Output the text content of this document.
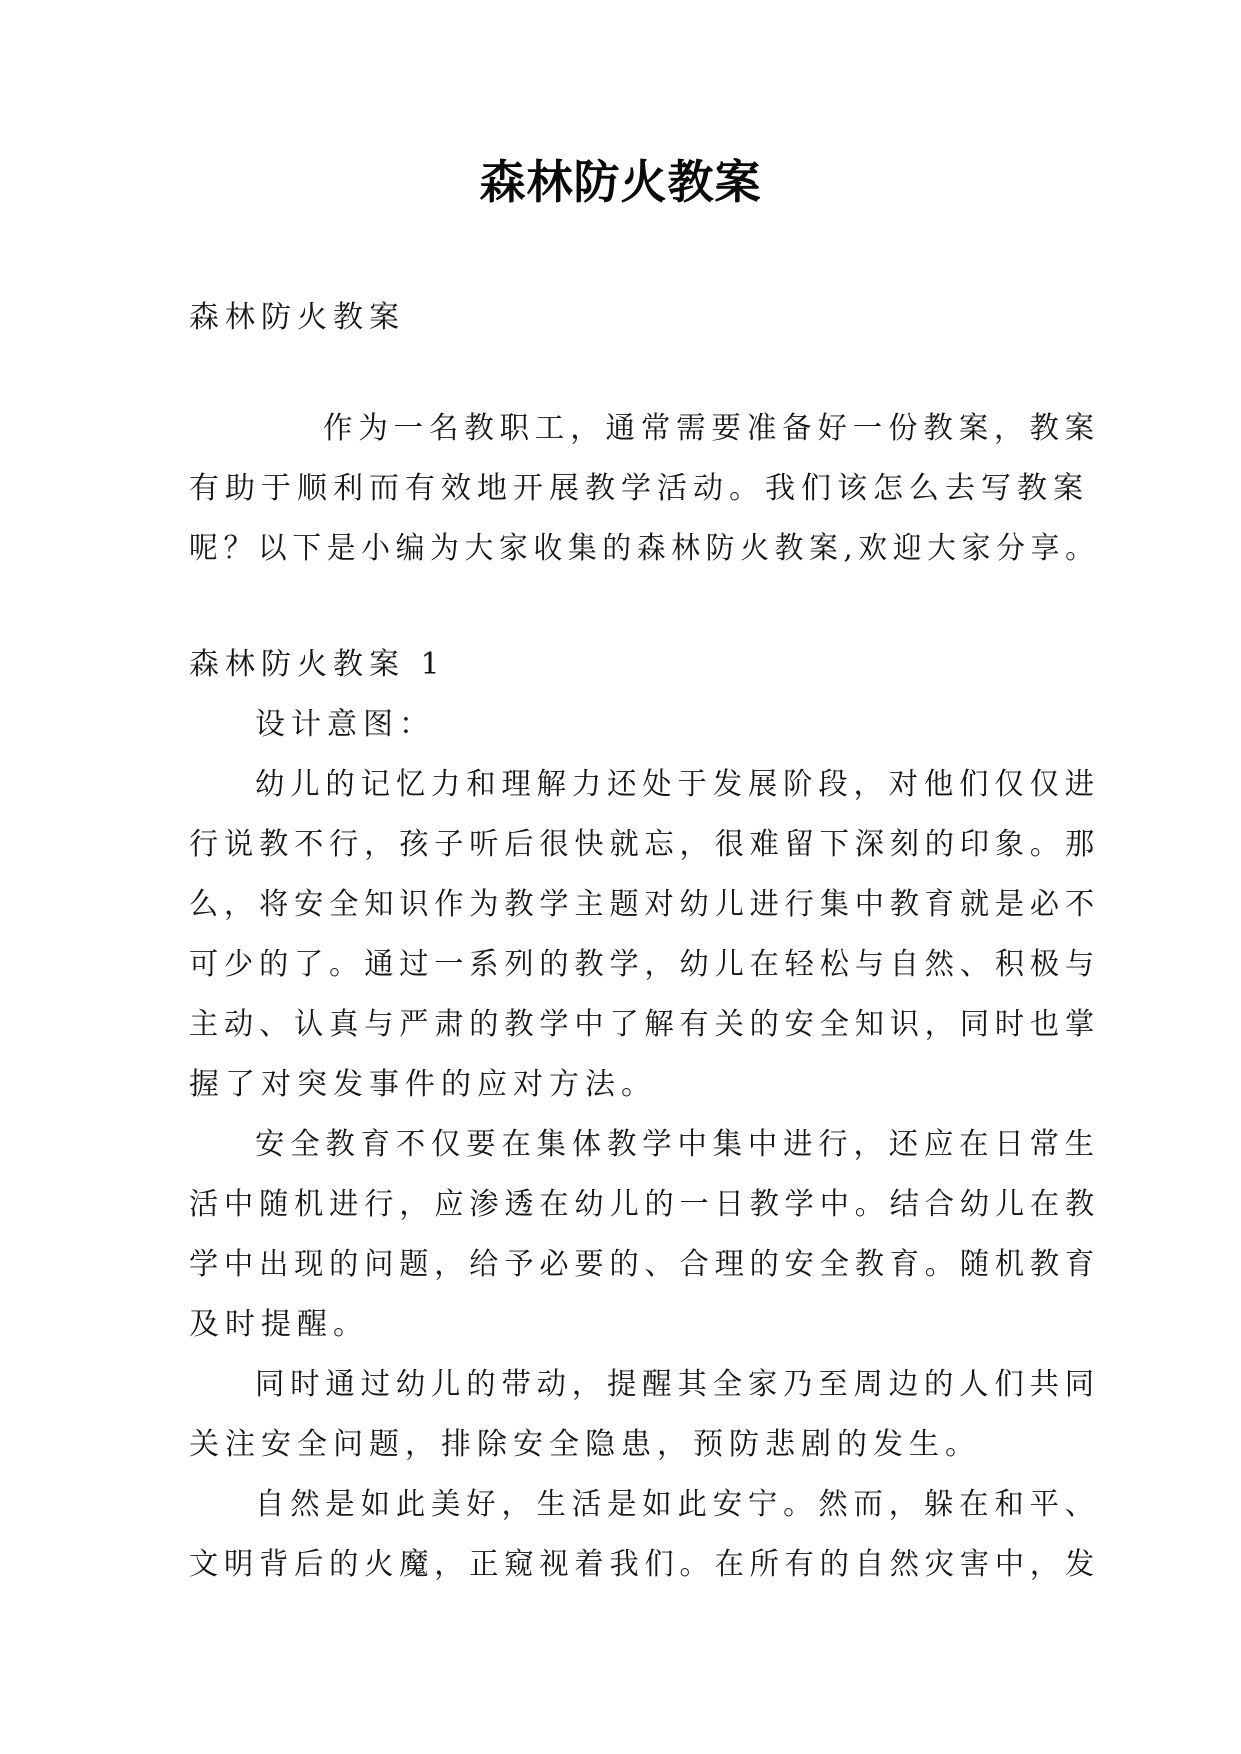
森林防火教案
森林防火教案
作为一名教职工，通常需要准备好一份教案，教案
有助于顺利而有效地开展教学活动。我们该怎么去写教案
呢？以下是小编为大家收集的森林防火教案,欢迎大家分享。
森林防火教案 1
设计意图：
幼儿的记忆力和理解力还处于发展阶段，对他们仅仅进
行说教不行，孩子听后很快就忘，很难留下深刻的印象。那
么，将安全知识作为教学主题对幼儿进行集中教育就是必不
可少的了。通过一系列的教学，幼儿在轻松与自然、积极与
主动、认真与严肃的教学中了解有关的安全知识，同时也掌
握了对突发事件的应对方法。
安全教育不仅要在集体教学中集中进行，还应在日常生
活中随机进行，应渗透在幼儿的一日教学中。结合幼儿在教
学中出现的问题，给予必要的、合理的安全教育。随机教育
及时提醒。
同时通过幼儿的带动，提醒其全家乃至周边的人们共同
关注安全问题，排除安全隐患，预防悲剧的发生。
自然是如此美好，生活是如此安宁。然而，躲在和平、
文明背后的火魔，正窥视着我们。在所有的自然灾害中，发
